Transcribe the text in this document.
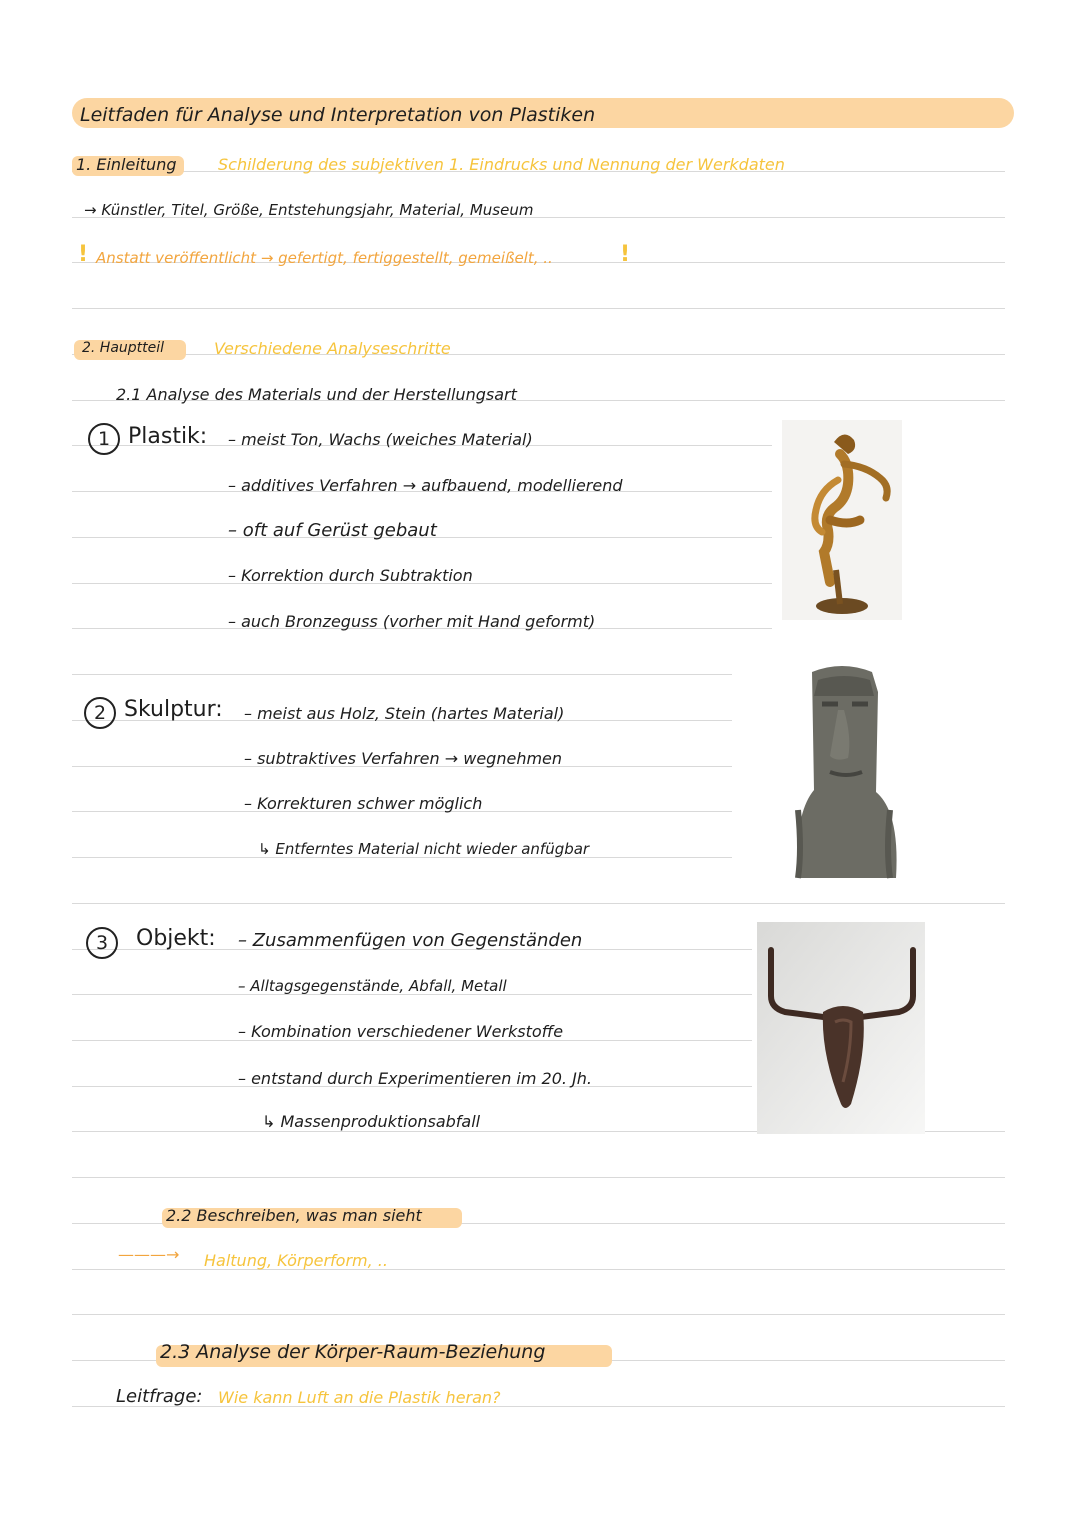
Leitfaden für Analyse und Interpretation von Plastiken
1. Einleitung	Schilderung des subjektiven 1. Eindrucks und Nennung der Werkdaten
→ Künstler, Titel, Größe, Entstehungsjahr, Material, Museum
! Anstatt veröffentlicht → gefertigt, fertiggestellt, gemeißelt, ..	!
2. Hauptteil	Verschiedene Analyseschritte
2.1 Analyse des Materials und der Herstellungsart
1 Plastik: – meist Ton, Wachs (weiches Material)
– additives Verfahren → aufbauend, modellierend
– oft auf Gerüst gebaut
– Korrektion durch Subtraktion
– auch Bronzeguss (vorher mit Hand geformt)
2 Skulptur: – meist aus Holz, Stein (hartes Material)
– subtraktives Verfahren → wegnehmen
– Korrekturen schwer möglich
↳ Entferntes Material nicht wieder anfügbar
3	Objekt: – Zusammenfügen von Gegenständen
– Alltagsgegenstände, Abfall, Metall
– Kombination verschiedener Werkstoffe
– entstand durch Experimentieren im 20. Jh.
↳ Massenproduktionsabfall
2.2 Beschreiben, was man sieht
———→ Haltung, Körperform, ..
2.3 Analyse der Körper-Raum-Beziehung
Leitfrage: Wie kann Luft an die Plastik heran?
